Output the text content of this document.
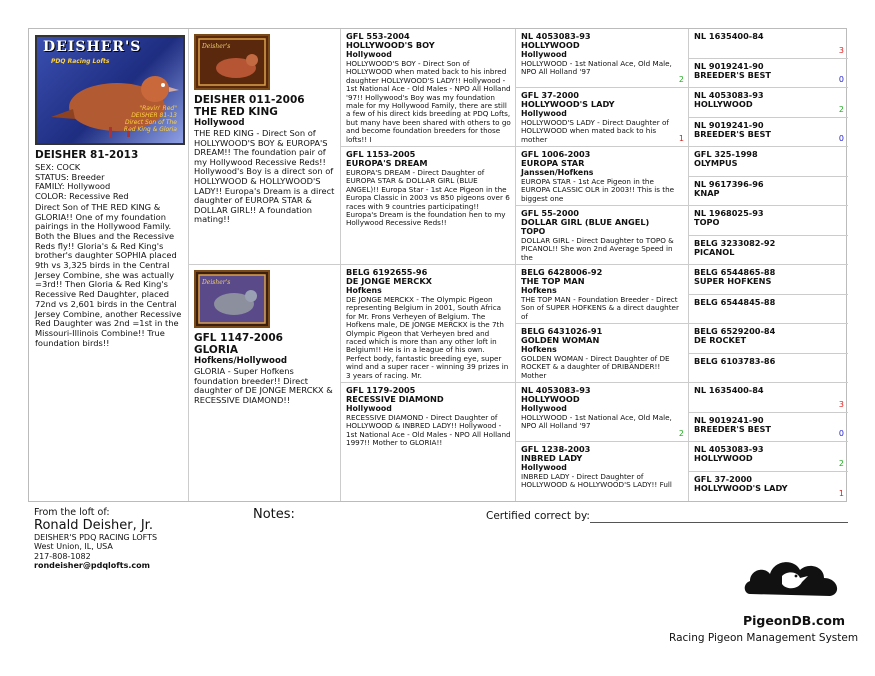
DEISHER'S
PDQ Racing Lofts
"Ravin' Red" DEISHER 81-13 Direct Son of The Red King & Gloria
DEISHER 81-2013
SEX: COCK
STATUS: Breeder
FAMILY: Hollywood
COLOR: Recessive Red
Direct Son of THE RED KING & GLORIA!! One of my foundation pairings in the Hollywood Family. Both the Blues and the Recessive Reds fly!! Gloria's & Red King's brother's daughter SOPHIA placed 9th vs 3,325 birds in the Central Jersey Combine, she was actually =3rd!! Then Gloria & Red King's Recessive Red Daughter, placed 72nd vs 2,601 birds in the Central Jersey Combine, another Recessive Red Daughter was 2nd =1st in the Missouri-Illinois Combine!! True foundation birds!!
Deisher's
DEISHER 011-2006
THE RED KING
Hollywood
THE RED KING - Direct Son of HOLLYWOOD'S BOY & EUROPA'S DREAM!! The foundation pair of my Hollywood Recessive Reds!! Hollywood's Boy is a direct son of HOLLYWOOD & HOLLYWOOD'S LADY!! Europa's Dream is a direct daughter of EUROPA STAR & DOLLAR GIRL!! A foundation mating!!
Deisher's
GFL 1147-2006
GLORIA
Hofkens/Hollywood
GLORIA - Super Hofkens foundation breeder!! Direct daughter of DE JONGE MERCKX & RECESSIVE DIAMOND!!
GFL 553-2004
HOLLYWOOD'S BOY
Hollywood
HOLLYWOOD'S BOY - Direct Son of HOLLYWOOD when mated back to his inbred daughter HOLLYWOOD'S LADY!! Hollywood - 1st National Ace - Old Males - NPO All Holland '97!! Hollywood's Boy was my foundation male for my Hollywood Family, there are still a few of his direct kids breeding at PDQ Lofts, but many have been shared with others to go and become foundation breeders for those lofts!! I
GFL 1153-2005
EUROPA'S DREAM
EUROPA'S DREAM - Direct Daughter of EUROPA STAR & DOLLAR GIRL (BLUE ANGEL)!! Europa Star - 1st Ace Pigeon in the Europa Classic in 2003 vs 850 pigeons over 6 races with 9 countries participating!! Europa's Dream is the foundation hen to my Hollywood Recessive Reds!!
BELG 6192655-96
DE JONGE MERCKX
Hofkens
DE JONGE MERCKX - The Olympic Pigeon representing Belgium in 2001, South Africa for Mr. Frons Verheyen of Belgium. The Hofkens male, DE JONGE MERCKX is the 7th Olympic Pigeon that Verheyen bred and raced which is more than any other loft in Belgium!! He is in a league of his own. Perfect body, fantastic breeding eye, super wind and a super racer - winning 39 prizes in 3 years of racing. Mr.
GFL 1179-2005
RECESSIVE DIAMOND
Hollywood
RECESSIVE DIAMOND - Direct Daughter of HOLLYWOOD & INBRED LADY!! Hollywood - 1st National Ace - Old Males - NPO All Holland 1997!! Mother to GLORIA!!
NL 4053083-93
HOLLYWOOD
Hollywood
HOLLYWOOD - 1st National Ace, Old Male, NPO All Holland '97
2
GFL 37-2000
HOLLYWOOD'S LADY
Hollywood
HOLLYWOOD'S LADY - Direct Daughter of HOLLYWOOD when mated back to his mother	1
GFL 1006-2003
EUROPA STAR
Janssen/Hofkens
EUROPA STAR - 1st Ace Pigeon in the EUROPA CLASSIC OLR in 2003!! This is the biggest one
GFL 55-2000
DOLLAR GIRL (BLUE ANGEL)
TOPO
DOLLAR GIRL - Direct Daughter to TOPO & PICANOL!! She won 2nd Average Speed in the
BELG 6428006-92
THE TOP MAN
Hofkens
THE TOP MAN - Foundation Breeder - Direct Son of SUPER HOFKENS & a direct daughter of
BELG 6431026-91
GOLDEN WOMAN
Hofkens
GOLDEN WOMAN - Direct Daughter of DE ROCKET & a daughter of DRIBANDER!! Mother
NL 4053083-93
HOLLYWOOD
Hollywood
HOLLYWOOD - 1st National Ace, Old Male, NPO All Holland '97
2
GFL 1238-2003
INBRED LADY
Hollywood
INBRED LADY - Direct Daughter of HOLLYWOOD & HOLLYWOOD'S LADY!! Full
NL 1635400-84
3
NL 9019241-90
BREEDER'S BEST
0
NL 4053083-93
HOLLYWOOD
2
NL 9019241-90
BREEDER'S BEST
0
GFL 325-1998
OLYMPUS
NL 9617396-96
KNAP
NL 1968025-93
TOPO
BELG 3233082-92
PICANOL
BELG 6544865-88
SUPER HOFKENS
BELG 6544845-88
BELG 6529200-84
DE ROCKET
BELG 6103783-86
NL 1635400-84
3
NL 9019241-90
BREEDER'S BEST
0
NL 4053083-93
HOLLYWOOD
2
GFL 37-2000
HOLLYWOOD'S LADY
1
From the loft of:
Ronald Deisher, Jr.
DEISHER'S PDQ RACING LOFTS
West Union, IL, USA
217-808-1082
rondeisher@pdqlofts.com
Notes:	Certified correct by:
PigeonDB.com
Racing Pigeon Management System
